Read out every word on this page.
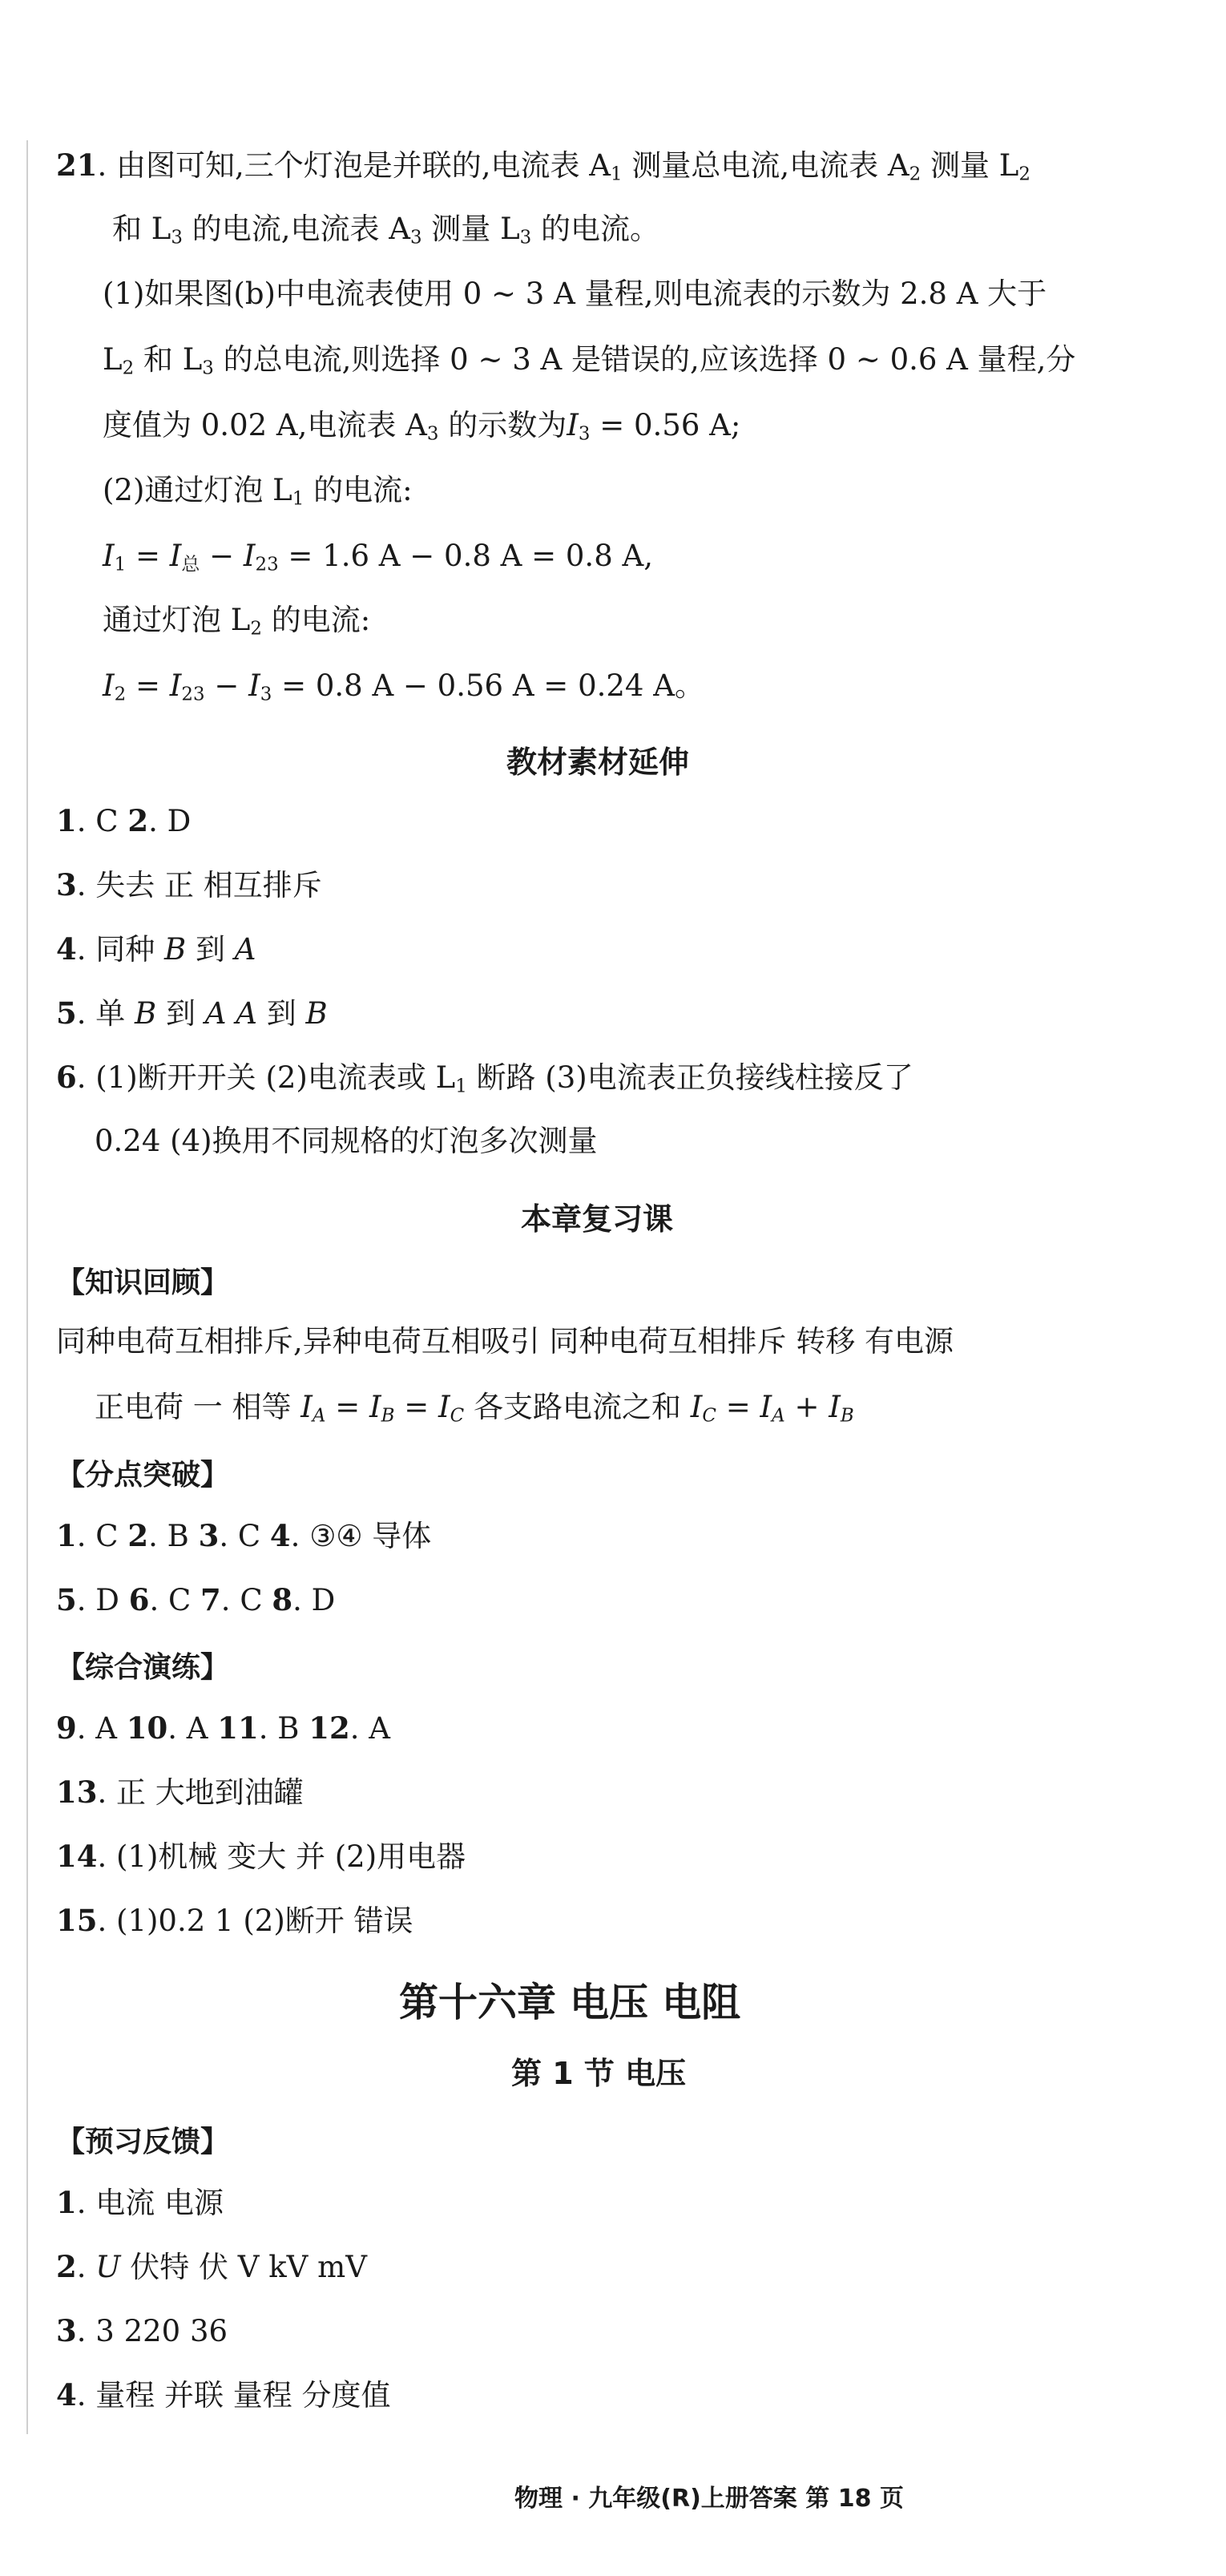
21. 由图可知,三个灯泡是并联的,电流表 $A_1$ 测量总电流,电流表 $A_2$ 测量 $L_2$
和 $L_3$ 的电流,电流表 $A_3$ 测量 $L_3$ 的电流。
(1)如果图(b)中电流表使用 0 ~ 3 A 量程,则电流表的示数为 2.8 A 大于
$L_2$ 和 $L_3$ 的总电流,则选择 0 ~ 3 A 是错误的,应该选择 0 ~ 0.6 A 量程,分
度值为 0.02 A,电流表 $A_3$ 的示数为$I_3 = 0.56$ A;
(2)通过灯泡 $L_1$ 的电流:
$I_1 = I_总 - I_{23} = 1.6$ A − 0.8 A = 0.8 A,
通过灯泡 $L_2$ 的电流:
$I_2 = I_{23} - I_3 = 0.8$ A − 0.56 A = 0.24 A。
教材素材延伸
1. C 2. D
3. 失去 正 相互排斥
4. 同种 B 到 A
5. 单 B 到 A A 到 B
6. (1)断开开关 (2)电流表或 $L_1$ 断路 (3)电流表正负接线柱接反了
0.24 (4)换用不同规格的灯泡多次测量
本章复习课
【知识回顾】
同种电荷互相排斥,异种电荷互相吸引 同种电荷互相排斥 转移 有电源
正电荷 一 相等 $I_A = I_B = I_C$ 各支路电流之和 $I_C = I_A + I_B$
【分点突破】
1. C 2. B 3. C 4. ③④ 导体
5. D 6. C 7. C 8. D
【综合演练】
9. A 10. A 11. B 12. A
13. 正 大地到油罐
14. (1)机械 变大 并 (2)用电器
15. (1)0.2 1 (2)断开 错误
第十六章 电压 电阻
第 1 节 电压
【预习反馈】
1. 电流 电源
2. U 伏特 伏 V kV mV
3. 3 220 36
4. 量程 并联 量程 分度值
物理 · 九年级(R)上册答案 第 18 页
